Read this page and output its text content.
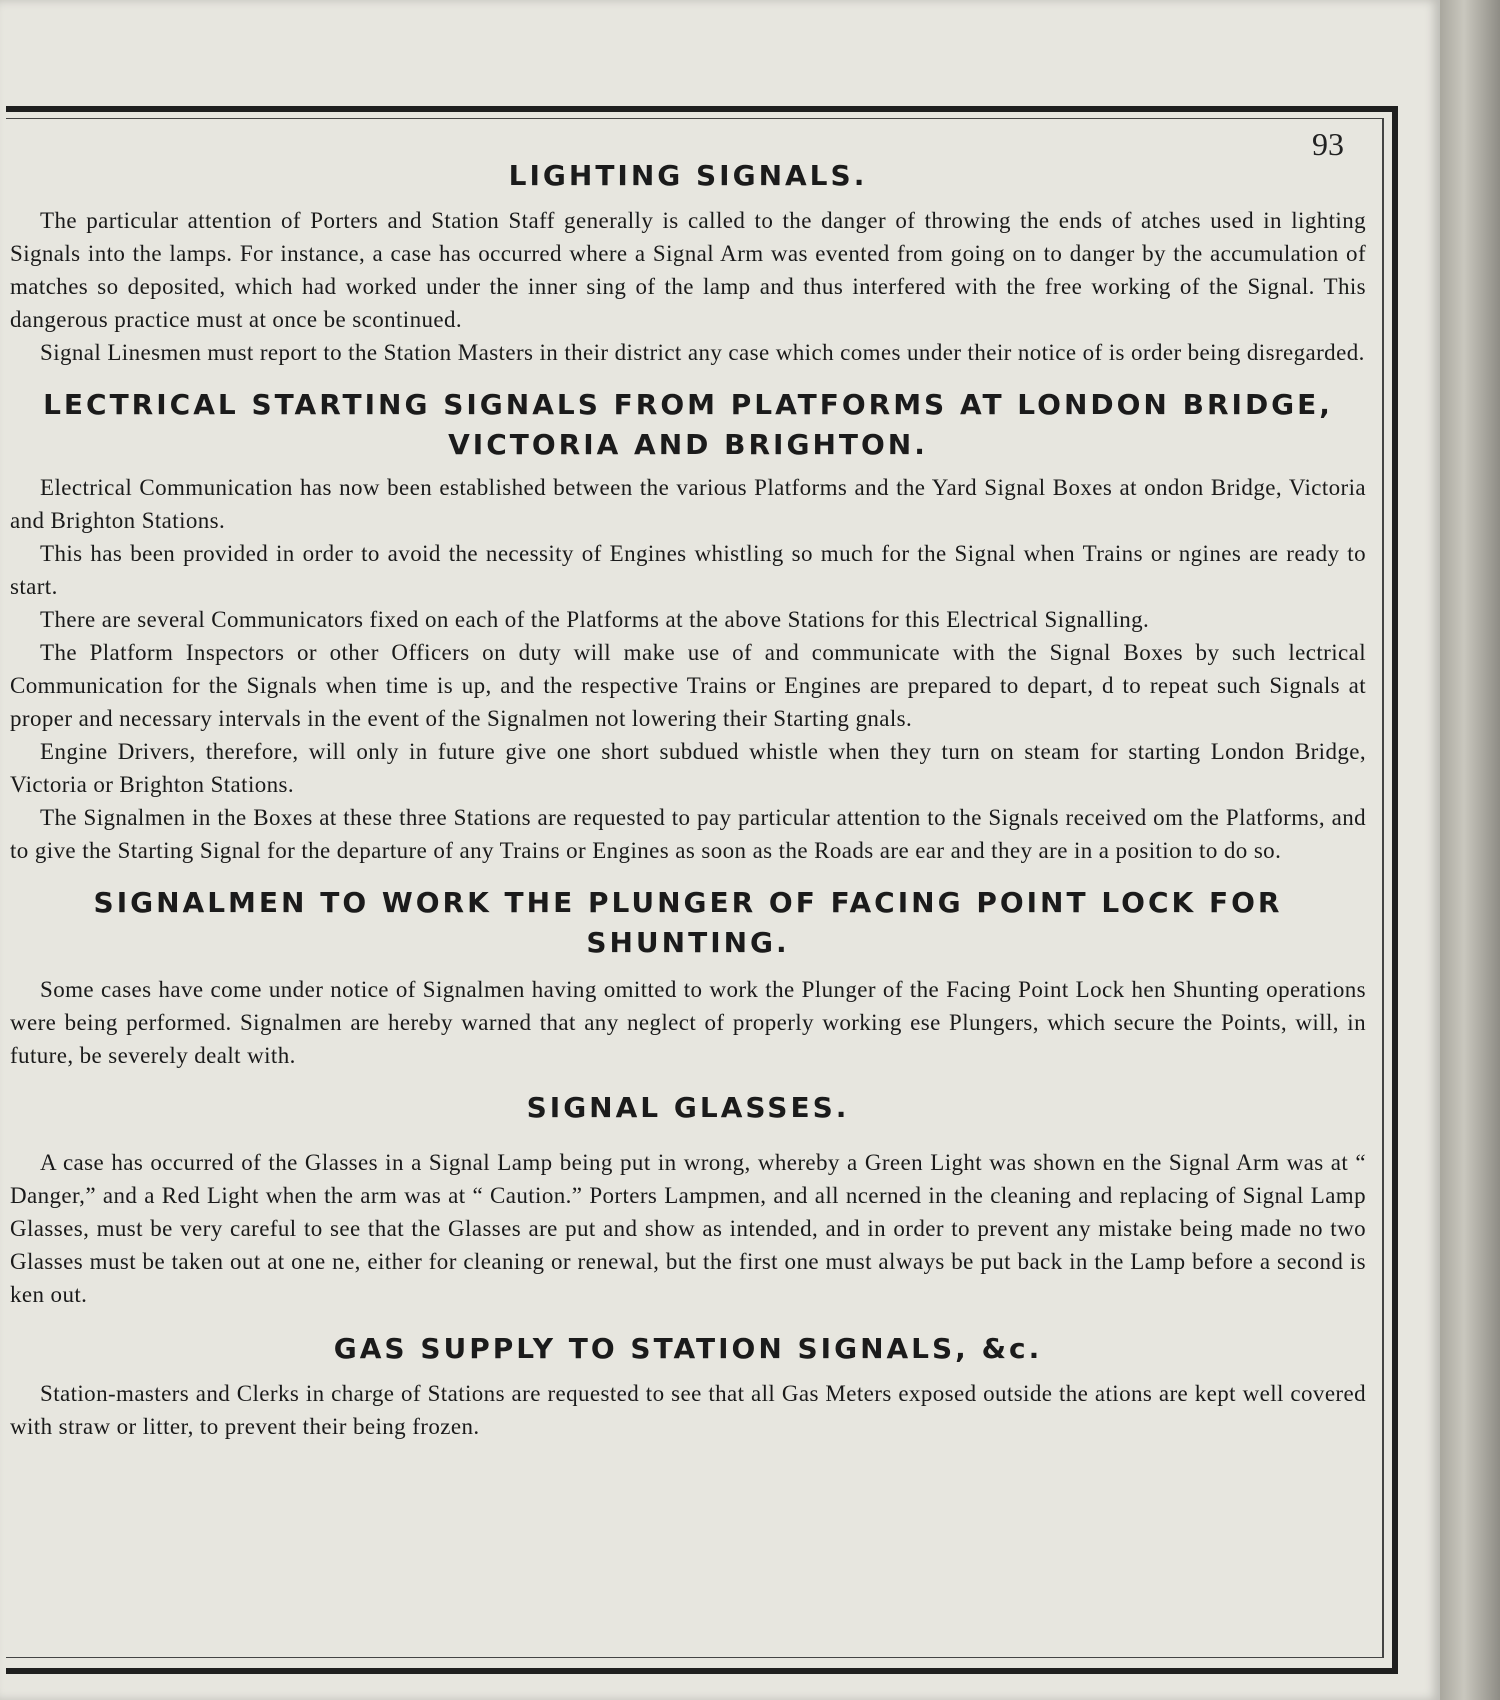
93
LIGHTING SIGNALS.

The particular attention of Porters and Station Staff generally is called to the danger of throwing the ends of atches used in lighting Signals into the lamps. For instance, a case has occurred where a Signal Arm was evented from going on to danger by the accumulation of matches so deposited, which had worked under the inner sing of the lamp and thus interfered with the free working of the Signal. This dangerous practice must at once be scontinued.

Signal Linesmen must report to the Station Masters in their district any case which comes under their notice of is order being disregarded.

LECTRICAL STARTING SIGNALS FROM PLATFORMS AT LONDON BRIDGE, VICTORIA AND BRIGHTON.

Electrical Communication has now been established between the various Platforms and the Yard Signal Boxes at ondon Bridge, Victoria and Brighton Stations.

This has been provided in order to avoid the necessity of Engines whistling so much for the Signal when Trains or ngines are ready to start.

There are several Communicators fixed on each of the Platforms at the above Stations for this Electrical Signalling.

The Platform Inspectors or other Officers on duty will make use of and communicate with the Signal Boxes by such lectrical Communication for the Signals when time is up, and the respective Trains or Engines are prepared to depart, d to repeat such Signals at proper and necessary intervals in the event of the Signalmen not lowering their Starting gnals.

Engine Drivers, therefore, will only in future give one short subdued whistle when they turn on steam for starting London Bridge, Victoria or Brighton Stations.

The Signalmen in the Boxes at these three Stations are requested to pay particular attention to the Signals received om the Platforms, and to give the Starting Signal for the departure of any Trains or Engines as soon as the Roads are ear and they are in a position to do so.

SIGNALMEN TO WORK THE PLUNGER OF FACING POINT LOCK FOR SHUNTING.

Some cases have come under notice of Signalmen having omitted to work the Plunger of the Facing Point Lock hen Shunting operations were being performed. Signalmen are hereby warned that any neglect of properly working ese Plungers, which secure the Points, will, in future, be severely dealt with.

SIGNAL GLASSES.

A case has occurred of the Glasses in a Signal Lamp being put in wrong, whereby a Green Light was shown en the Signal Arm was at “ Danger,” and a Red Light when the arm was at “ Caution.” Porters Lampmen, and all ncerned in the cleaning and replacing of Signal Lamp Glasses, must be very careful to see that the Glasses are put and show as intended, and in order to prevent any mistake being made no two Glasses must be taken out at one ne, either for cleaning or renewal, but the first one must always be put back in the Lamp before a second is ken out.

GAS SUPPLY TO STATION SIGNALS, &c.

Station-masters and Clerks in charge of Stations are requested to see that all Gas Meters exposed outside the ations are kept well covered with straw or litter, to prevent their being frozen.
